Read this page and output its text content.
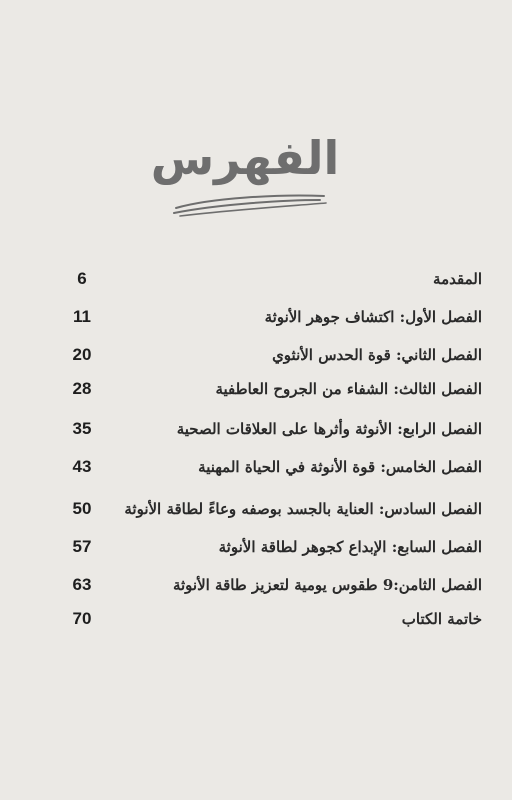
الفهرس
المقدمة
6
الفصل الأول: اكتشاف جوهر الأنوثة
11
الفصل الثاني: قوة الحدس الأنثوي
20
الفصل الثالث: الشفاء من الجروح العاطفية
28
الفصل الرابع: الأنوثة وأثرها على العلاقات الصحية
35
الفصل الخامس: قوة الأنوثة في الحياة المهنية
43
الفصل السادس: العناية بالجسد بوصفه وعاءً لطاقة الأنوثة
50
الفصل السابع: الإبداع كجوهر لطاقة الأنوثة
57
الفصل الثامن:9 طقوس يومية لتعزيز طاقة الأنوثة
63
خاتمة الكتاب
70
